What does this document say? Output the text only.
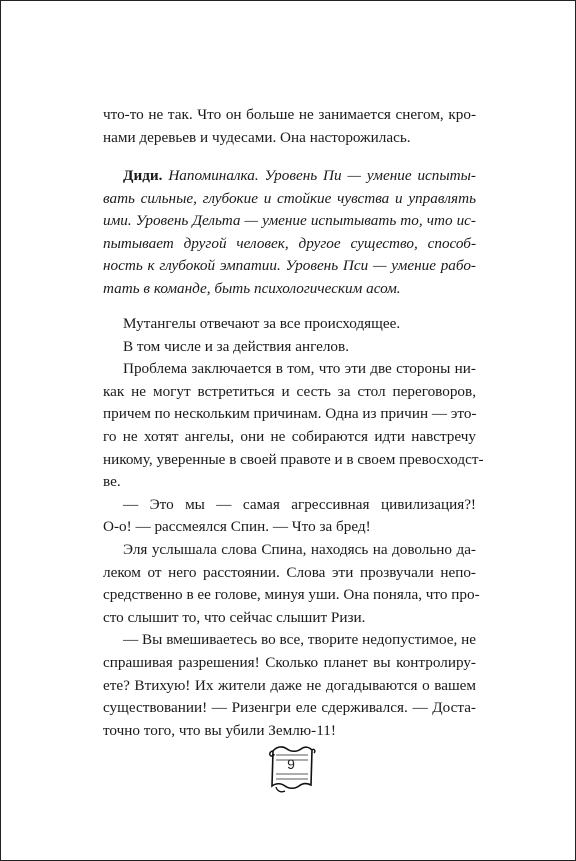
что-то не так. Что он больше не занимается снегом, кро-
нами деревьев и чудесами. Она насторожилась.
Диди. Напоминалка. Уровень Пи — умение испыты-
вать сильные, глубокие и стойкие чувства и управлять
ими. Уровень Дельта — умение испытывать то, что ис-
пытывает другой человек, другое существо, способ-
ность к глубокой эмпатии. Уровень Пси — умение рабо-
тать в команде, быть психологическим асом.
Мутангелы отвечают за все происходящее.
В том числе и за действия ангелов.
Проблема заключается в том, что эти две стороны ни-
как не могут встретиться и сесть за стол переговоров,
причем по нескольким причинам. Одна из причин — это-
го не хотят ангелы, они не собираются идти навстречу
никому, уверенные в своей правоте и в своем превосходст-
ве.
— Это мы — самая агрессивная цивилизация?!
О-о! — рассмеялся Спин. — Что за бред!
Эля услышала слова Спина, находясь на довольно да-
леком от него расстоянии. Слова эти прозвучали непо-
средственно в ее голове, минуя уши. Она поняла, что про-
сто слышит то, что сейчас слышит Ризи.
— Вы вмешиваетесь во все, творите недопустимое, не
спрашивая разрешения! Сколько планет вы контролиру-
ете? Втихую! Их жители даже не догадываются о вашем
существовании! — Ризенгри еле сдерживался. — Доста-
точно того, что вы убили Землю-11!
9
